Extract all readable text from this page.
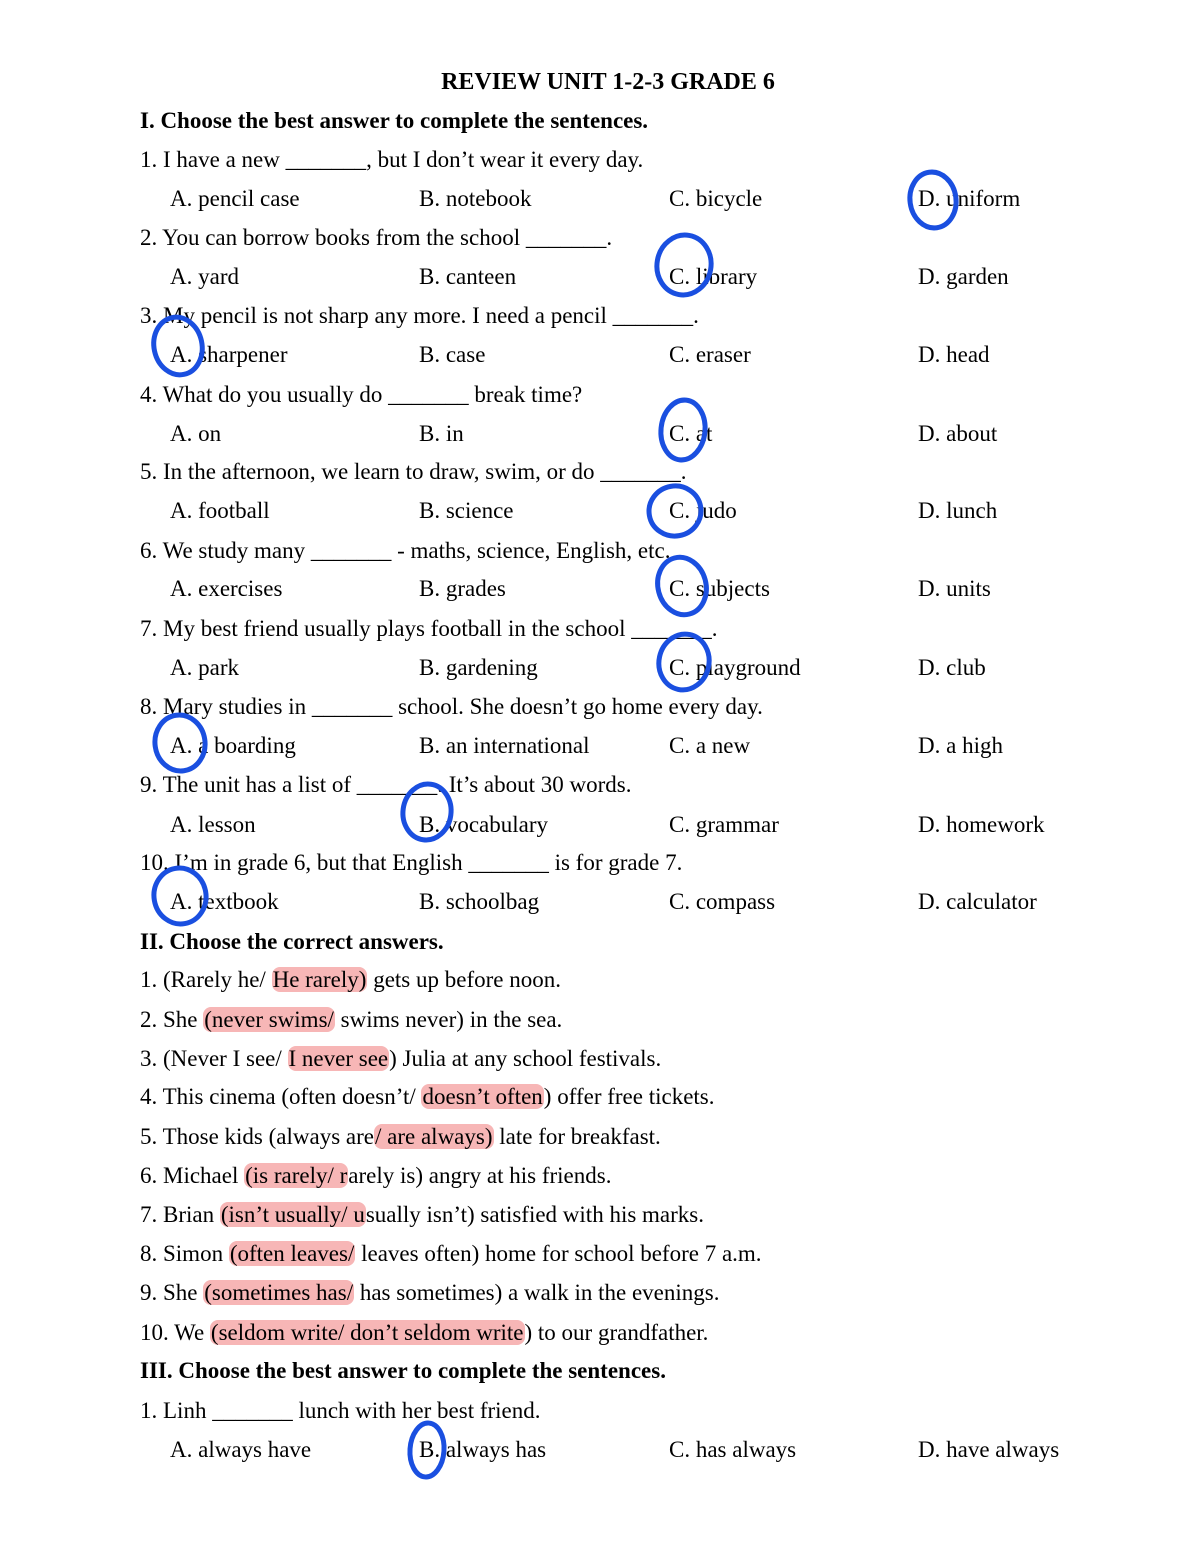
REVIEW UNIT 1-2-3 GRADE 6
I. Choose the best answer to complete the sentences.
1. I have a new _______, but I don’t wear it every day.
A. pencil case	B. notebook	C. bicycle	D. uniform
2. You can borrow books from the school _______.
A. yard	B. canteen	C. library	D. garden
3. My pencil is not sharp any more. I need a pencil _______.
A. sharpener	B. case	C. eraser	D. head
4. What do you usually do _______ break time?
A. on	B. in	C. at	D. about
5. In the afternoon, we learn to draw, swim, or do _______.
A. football	B. science	C. judo	D. lunch
6. We study many _______ - maths, science, English, etc.
A. exercises	B. grades	C. subjects	D. units
7. My best friend usually plays football in the school _______.
A. park	B. gardening	C. playground	D. club
8. Mary studies in _______ school. She doesn’t go home every day.
A. a boarding	B. an international	C. a new	D. a high
9. The unit has a list of _______. It’s about 30 words.
A. lesson	B. vocabulary	C. grammar	D. homework
10. I’m in grade 6, but that English _______ is for grade 7.
A. textbook	B. schoolbag	C. compass	D. calculator
II. Choose the correct answers.
1. (Rarely he/ He rarely) gets up before noon.
2. She (never swims/ swims never) in the sea.
3. (Never I see/ I never see) Julia at any school festivals.
4. This cinema (often doesn’t/ doesn’t often) offer free tickets.
5. Those kids (always are/ are always) late for breakfast.
6. Michael (is rarely/ rarely is) angry at his friends.
7. Brian (isn’t usually/ usually isn’t) satisfied with his marks.
8. Simon (often leaves/ leaves often) home for school before 7 a.m.
9. She (sometimes has/ has sometimes) a walk in the evenings.
10. We (seldom write/ don’t seldom write) to our grandfather.
III. Choose the best answer to complete the sentences.
1. Linh _______ lunch with her best friend.
A. always have	B. always has	C. has always	D. have always
